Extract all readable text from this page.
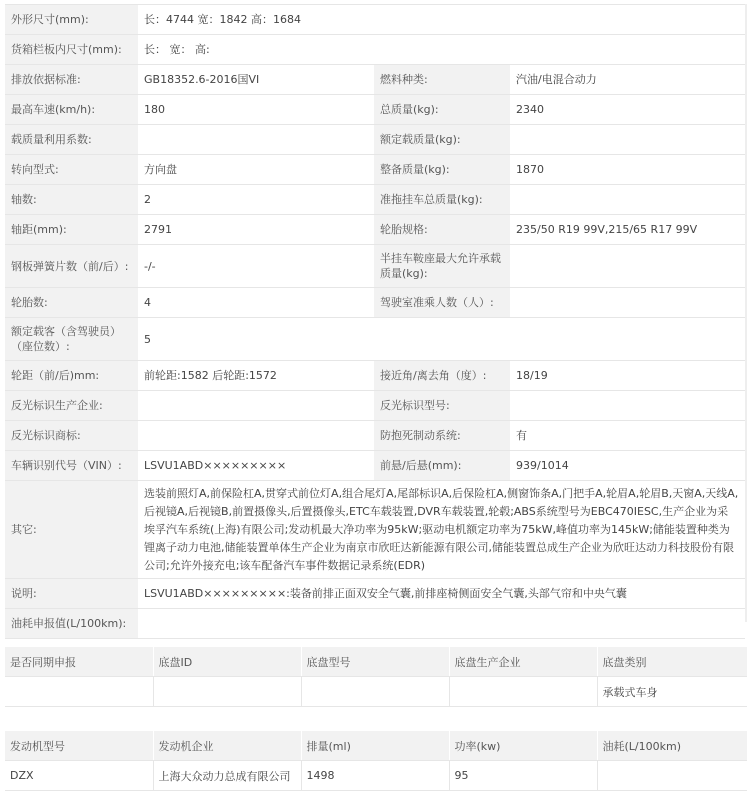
外形尺寸(mm):	长：4744 宽：1842 高：1684		
货箱栏板内尺寸(mm):	长： 宽： 高:		
排放依据标准:	GB18352.6-2016国VI	燃料种类:	汽油/电混合动力
最高车速(km/h):	180	总质量(kg):	2340
载质量利用系数:		额定载质量(kg):	
转向型式:	方向盘	整备质量(kg):	1870
轴数:	2	准拖挂车总质量(kg):	
轴距(mm):	2791	轮胎规格:	235/50 R19 99V,215/65 R17 99V
钢板弹簧片数（前/后）:	-/-	半挂车鞍座最大允许承载质量(kg):	
轮胎数:	4	驾驶室准乘人数（人）:	
额定载客（含驾驶员）（座位数）:	5		
轮距（前/后)mm:	前轮距:1582 后轮距:1572	接近角/离去角（度）:	18/19
反光标识生产企业:		反光标识型号:	
反光标识商标:		防抱死制动系统:	有
车辆识别代号（VIN）:	LSVU1ABD×××××××××	前悬/后悬(mm):	939/1014
其它:	选装前照灯A,前保险杠A,贯穿式前位灯A,组合尾灯A,尾部标识A,后保险杠A,侧窗饰条A,门把手A,轮眉A,轮眉B,天窗A,天线A,后视镜A,后视镜B,前置摄像头,后置摄像头,ETC车载装置,DVR车载装置,轮毂;ABS系统型号为EBC470IESC,生产企业为采埃孚汽车系统(上海)有限公司;发动机最大净功率为95kW;驱动电机额定功率为75kW,峰值功率为145kW;储能装置种类为锂离子动力电池,储能装置单体生产企业为南京市欣旺达新能源有限公司,储能装置总成生产企业为欣旺达动力科技股份有限公司;允许外接充电;该车配备汽车事件数据记录系统(EDR)		
说明:	LSVU1ABD×××××××××:装备前排正面双安全气囊,前排座椅侧面安全气囊,头部气帘和中央气囊		
油耗申报值(L/100km):			
是否同期申报	底盘ID	底盘型号	底盘生产企业	底盘类别
				承载式车身
发动机型号	发动机企业	排量(ml)	功率(kw)	油耗(L/100km)
DZX	上海大众动力总成有限公司	1498	95	
